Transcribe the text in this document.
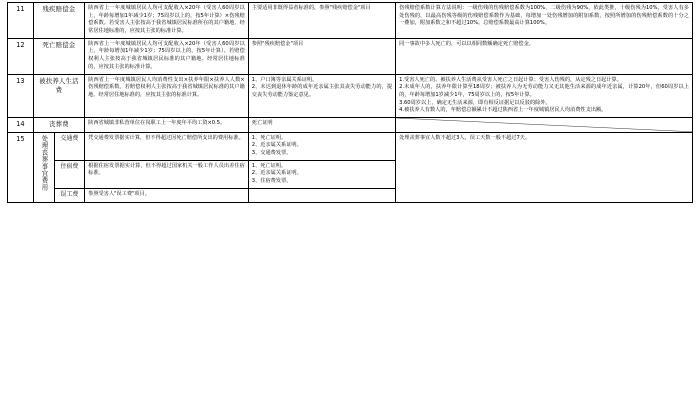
11	残疾赔偿金		陕西省上一年度城镇居民人均可支配收入×20年（受害人60周岁以上，年龄每增加1年减少1岁；75周岁以上的，按5年计算）×伤残赔偿系数。若受害人主张按高于我省城镇居民标准所在的其户籍地、经常居住地标准的，应按其主张的标准计算。	主要适用非既得益者标准的，参照"残疾赔偿金"项目	伤残赔偿系数计算方法说明：一级伤残的伤残赔偿系数为100%、二级伤残为90%，依此类推，十级伤残为10%，受害人有多处伤残的，以最高伤残等级的伤残赔偿系数作为基础，每增加一处伤残增加的附加系数，按照所增加的伤残赔偿系数的十分之一叠加，附加系数之和不超过10%。总赔偿系数最高计算100%。
12	死亡赔偿金		陕西省上一年度城镇居民人均可支配收入×20年（受害人60周岁以上，年龄每增加1年减少1岁；75周岁以上的，按5年计算）。若赔偿权利人主张按高于我省城镇居民标准的其户籍地、经常居住地标准的，应按其主张的标准计算。	参照"残疾赔偿金"项目	同一事故中多人死亡的，可以以相同数额确定死亡赔偿金。
13	被扶养人生活费		陕西省上一年度城镇居民人均消费性支出×扶养年限×扶养人人数×伤残赔偿系数。若赔偿权利人主张按高于我省城镇居民标准的其户籍地、经常居住地标准的，应按其主张的标准计算。	1、户口簿等亲属关系证明。
2、未达到退休年龄的成年近亲属主张其丧失劳动能力的，提交丧失劳动能力鉴定意见。	1.受害人死亡的、被扶养人生活费从受害人死亡之日起计算；受害人伤残的，从定残之日起计算。
2.未成年人的，扶养年限计算至18周岁；被扶养人为无劳动能力又无其他生活来源的成年近亲属，计算20年，但60周岁以上的，年龄每增加1岁减少1年，75周岁以上的，按5年计算。
3.60周岁以上、确定无生活来源，即有相反证据足以反驳的除外。
4.被扶养人有数人的，年赔偿总额累计不超过陕西省上一年度城镇居民人均消费性支出额。
14	丧葬费		陕西省城镇非私营单位在岗职工上一年度年平均工资×0.5。	死亡证明	

15	处理丧葬事宜费用	交通费	凭交通费发票据实计算，但不得超过因死亡赔偿所支出的费用标准。	1、死亡证明。
2、近亲属关系证明。
3、交通费发票。	处理丧葬事宜人数不超过3人，误工天数一般不超过7天。
		住宿费	根据住宿发票据实计算，但不得超过国家机关一般工作人员出差住宿标准。	1、死亡证明。
2、近亲属关系证明。
3、住宿费发票。	
		误工费	参照受害人"误工费"项目。		
